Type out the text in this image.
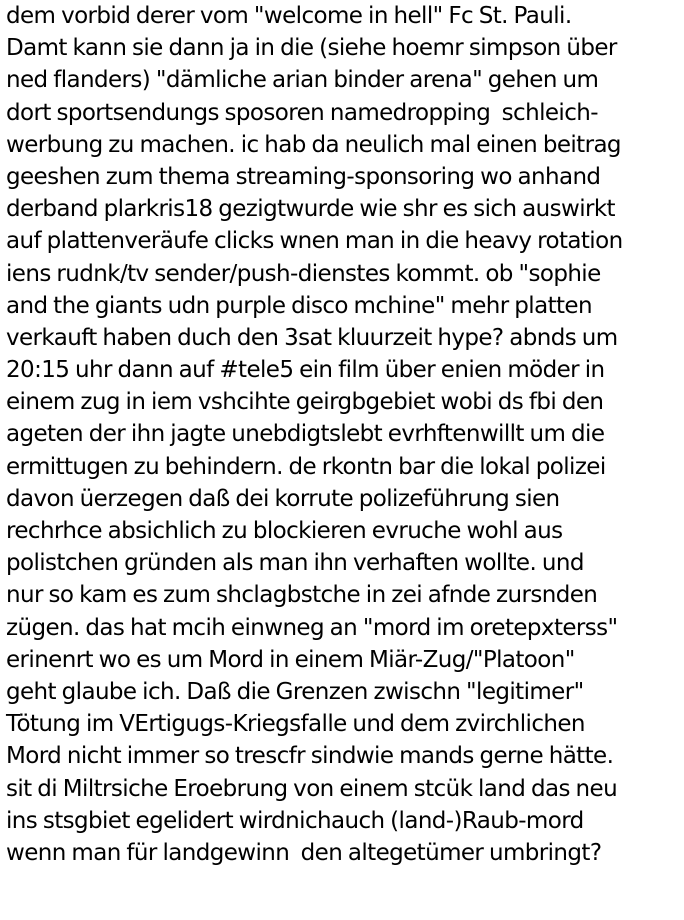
dem vorbid derer vom "welcome in hell" Fc St. Pauli.
Damt kann sie dann ja in die (siehe hoemr simpson über
ned flanders) "dämliche arian binder arena" gehen um
dort sportsendungs sposoren namedropping  schleich-
werbung zu machen. ic hab da neulich mal einen beitrag
geeshen zum thema streaming-sponsoring wo anhand
derband plarkris18 gezigtwurde wie shr es sich auswirkt
auf plattenveräufe clicks wnen man in die heavy rotation
iens rudnk/tv sender/push-dienstes kommt. ob "sophie
and the giants udn purple disco mchine" mehr platten
verkauft haben duch den 3sat kluurzeit hype? abnds um
20:15 uhr dann auf #tele5 ein film über enien möder in
einem zug in iem vshcihte geirgbgebiet wobi ds fbi den
ageten der ihn jagte unebdigtslebt evrhftenwillt um die
ermittugen zu behindern. de rkontn bar die lokal polizei
davon üerzegen daß dei korrute polizeführung sien
rechrhce absichlich zu blockieren evruche wohl aus
polistchen gründen als man ihn verhaften wollte. und
nur so kam es zum shclagbstche in zei afnde zursnden
zügen. das hat mcih einwneg an "mord im oretepxterss"
erinenrt wo es um Mord in einem Miär-Zug/"Platoon"
geht glaube ich. Daß die Grenzen zwischn "legitimer"
Tötung im VErtigugs-Kriegsfalle und dem zvirchlichen
Mord nicht immer so trescfr sindwie mands gerne hätte.
sit di Miltrsiche Eroebrung von einem stcük land das neu
ins stsgbiet egelidert wirdnichauch (land-)Raub-mord
wenn man für landgewinn  den altegetümer umbringt?
